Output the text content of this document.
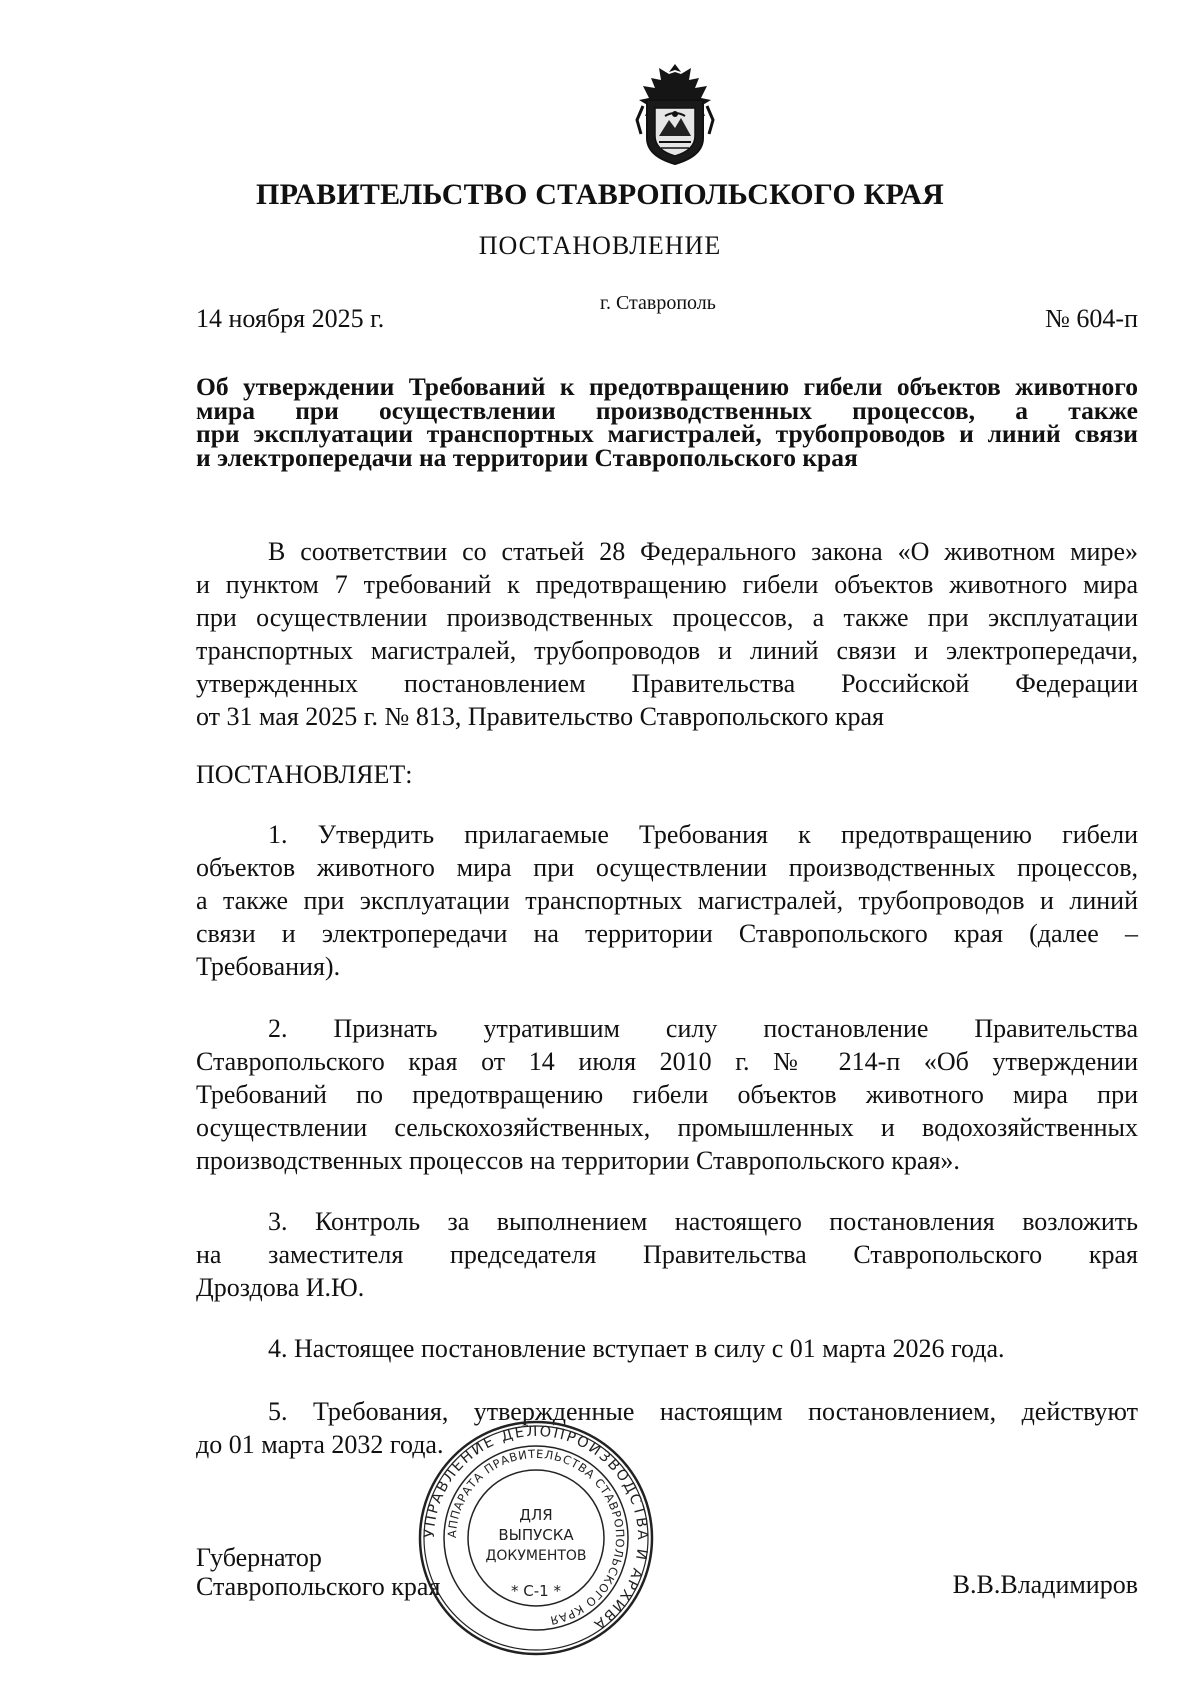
ПРАВИТЕЛЬСТВО СТАВРОПОЛЬСКОГО КРАЯ
ПОСТАНОВЛЕНИЕ
14 ноября 2025 г.
г. Ставрополь
№ 604-п
Об утверждении Требований к предотвращению гибели объектов животного
мира при осуществлении производственных процессов, а также
при эксплуатации транспортных магистралей, трубопроводов и линий связи
и электропередачи на территории Ставропольского края
В соответствии со статьей 28 Федерального закона «О животном мире»
и пунктом 7 требований к предотвращению гибели объектов животного мира
при осуществлении производственных процессов, а также при эксплуатации
транспортных магистралей, трубопроводов и линий связи и электропередачи,
утвержденных постановлением Правительства Российской Федерации
от 31 мая 2025 г. № 813, Правительство Ставропольского края
ПОСТАНОВЛЯЕТ:
1. Утвердить прилагаемые Требования к предотвращению гибели
объектов животного мира при осуществлении производственных процессов,
а также при эксплуатации транспортных магистралей, трубопроводов и линий
связи и электропередачи на территории Ставропольского края (далее –
Требования).
2. Признать утратившим силу постановление Правительства
Ставропольского края от 14 июля 2010 г. № 214-п «Об утверждении
Требований по предотвращению гибели объектов животного мира при
осуществлении сельскохозяйственных, промышленных и водохозяйственных
производственных процессов на территории Ставропольского края».
3. Контроль за выполнением настоящего постановления возложить
на заместителя председателя Правительства Ставропольского края
Дроздова И.Ю.
4. Настоящее постановление вступает в силу с 01 марта 2026 года.
5. Требования, утвержденные настоящим постановлением, действуют
до 01 марта 2032 года.
Губернатор
Ставропольского края	В.В.Владимиров
УПРАВЛЕНИЕ ДЕЛОПРОИЗВОДСТВА И АРХИВА
АППАРАТА ПРАВИТЕЛЬСТВА СТАВРОПОЛЬСКОГО КРАЯ
ДЛЯ
ВЫПУСКА
ДОКУМЕНТОВ
* С-1 *
